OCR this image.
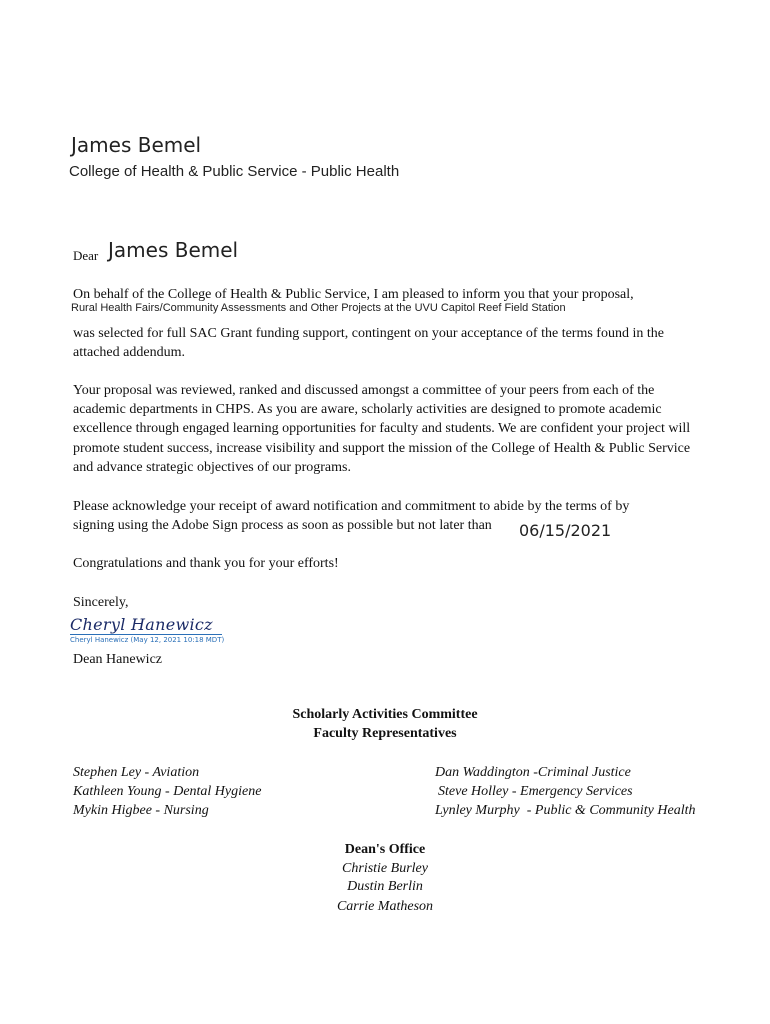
James Bemel
College of Health & Public Service - Public Health
Dear James Bemel
On behalf of the College of Health & Public Service, I am pleased to inform you that your proposal,
Rural Health Fairs/Community Assessments and Other Projects at the UVU Capitol Reef Field Station
was selected for full SAC Grant funding support, contingent on your acceptance of the terms found in the attached addendum.
Your proposal was reviewed, ranked and discussed amongst a committee of your peers from each of the academic departments in CHPS. As you are aware, scholarly activities are designed to promote academic excellence through engaged learning opportunities for faculty and students. We are confident your project will promote student success, increase visibility and support the mission of the College of Health & Public Service and advance strategic objectives of our programs.
Please acknowledge your receipt of award notification and commitment to abide by the terms of by
signing using the Adobe Sign process as soon as possible but not later than	06/15/2021
Congratulations and thank you for your efforts!
Sincerely,
Cheryl Hanewicz
Cheryl Hanewicz (May 12, 2021 10:18 MDT)
Dean Hanewicz
Scholarly Activities Committee
Faculty Representatives
Stephen Ley - Aviation
Kathleen Young - Dental Hygiene
Mykin Higbee - Nursing
Dan Waddington -Criminal Justice
Steve Holley - Emergency Services
Lynley Murphy  - Public & Community Health
Dean's Office
Christie Burley
Dustin Berlin
Carrie Matheson
